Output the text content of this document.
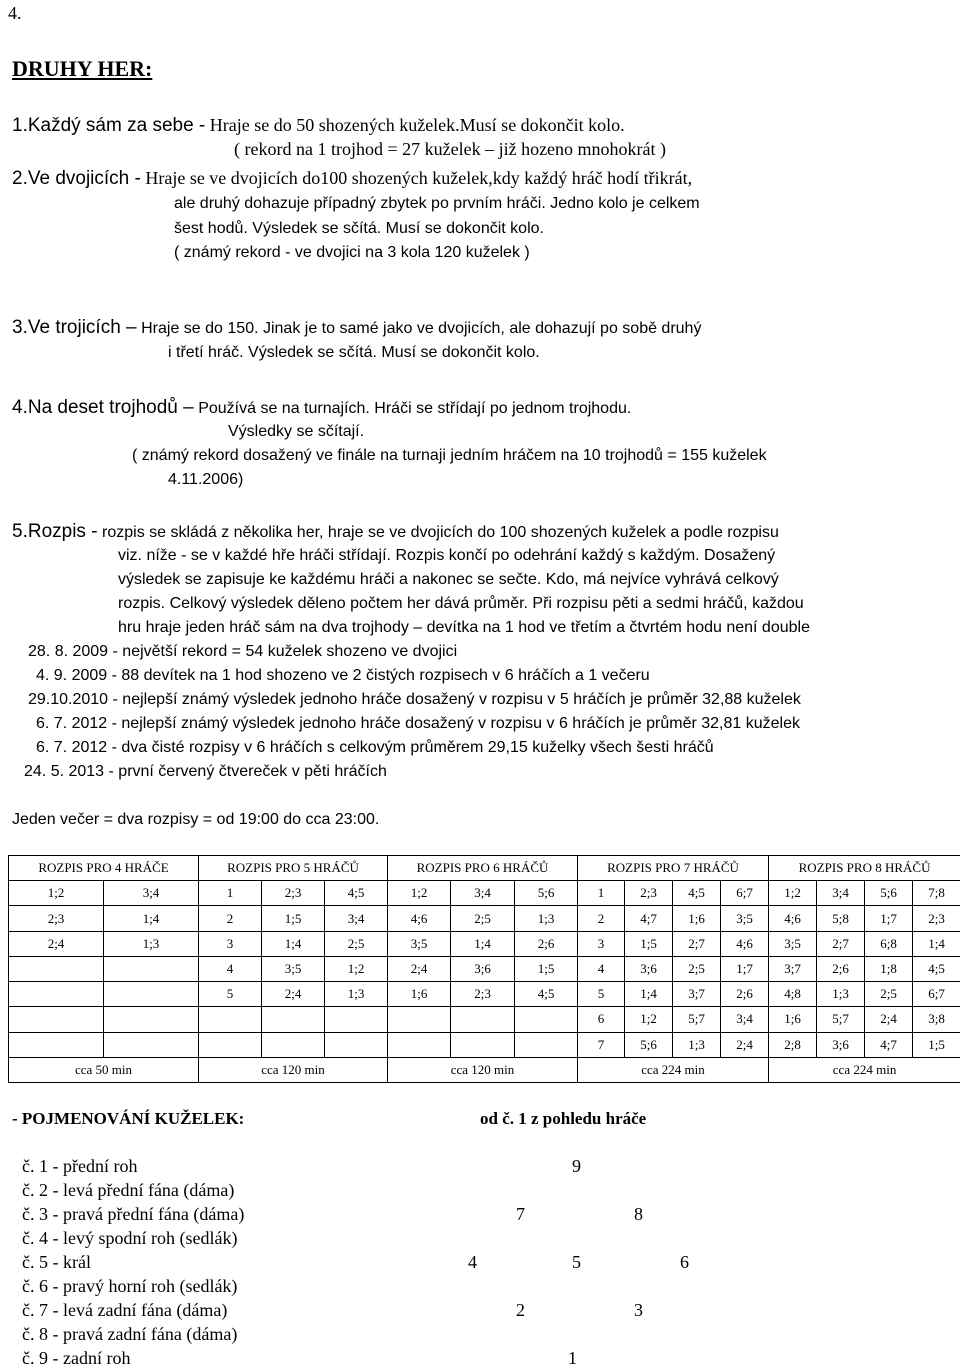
4.
DRUHY HER:
1.Každý sám za sebe - Hraje se do 50 shozených kuželek.Musí se dokončit kolo.
( rekord na 1 trojhod = 27 kuželek – již hozeno mnohokrát )
2.Ve dvojicích - Hraje se ve dvojicích do100 shozených kuželek,kdy každý hráč hodí třikrát,
ale druhý dohazuje případný zbytek po prvním hráči. Jedno kolo je celkem
šest hodů. Výsledek se sčítá. Musí se dokončit kolo.
( známý rekord - ve dvojici na 3 kola 120 kuželek )
3.Ve trojicích – Hraje se do 150. Jinak je to samé jako ve dvojicích, ale dohazují po sobě druhý
i třetí hráč. Výsledek se sčítá. Musí se dokončit kolo.
4.Na deset trojhodů – Používá se na turnajích. Hráči se střídají po jednom trojhodu.
Výsledky se sčítají.
( známý rekord dosažený ve finále na turnaji jedním hráčem na 10 trojhodů = 155 kuželek
4.11.2006)
5.Rozpis - rozpis se skládá z několika her, hraje se ve dvojicích do 100 shozených kuželek a podle rozpisu
viz. níže - se v každé hře hráči střídají. Rozpis končí po odehrání každý s každým. Dosažený
výsledek se zapisuje ke každému hráči a nakonec se sečte. Kdo, má nejvíce vyhrává celkový
rozpis. Celkový výsledek děleno počtem her dává průměr. Při rozpisu pěti a sedmi hráčů, každou
hru hraje jeden hráč sám na dva trojhody – devítka na 1 hod ve třetím a čtvrtém hodu není double
28. 8. 2009 - největší rekord = 54 kuželek shozeno ve dvojici
4. 9. 2009 - 88 devítek na 1 hod shozeno ve 2 čistých rozpisech v 6 hráčích a 1 večeru
29.10.2010 - nejlepší známý výsledek jednoho hráče dosažený v rozpisu v 5 hráčích je průměr 32,88 kuželek
6. 7. 2012 - nejlepší známý výsledek jednoho hráče dosažený v rozpisu v 6 hráčích je průměr 32,81 kuželek
6. 7. 2012 - dva čisté rozpisy v 6 hráčích s celkovým průměrem 29,15 kuželky všech šesti hráčů
24. 5. 2013 - první červený čtvereček v pěti hráčích
Jeden večer = dva rozpisy = od 19:00 do cca 23:00.
ROZPIS PRO 4 HRÁČE		ROZPIS PRO 5 HRÁČŮ			ROZPIS PRO 6 HRÁČŮ			ROZPIS PRO 7 HRÁČŮ				ROZPIS PRO 8 HRÁČŮ			
1;2	3;4	1	2;3	4;5	1;2	3;4	5;6	1	2;3	4;5	6;7	1;2	3;4	5;6	7;8
2;3	1;4	2	1;5	3;4	4;6	2;5	1;3	2	4;7	1;6	3;5	4;6	5;8	1;7	2;3
2;4	1;3	3	1;4	2;5	3;5	1;4	2;6	3	1;5	2;7	4;6	3;5	2;7	6;8	1;4
		4	3;5	1;2	2;4	3;6	1;5	4	3;6	2;5	1;7	3;7	2;6	1;8	4;5
		5	2;4	1;3	1;6	2;3	4;5	5	1;4	3;7	2;6	4;8	1;3	2;5	6;7
								6	1;2	5;7	3;4	1;6	5;7	2;4	3;8
								7	5;6	1;3	2;4	2;8	3;6	4;7	1;5
cca 50 min		cca 120 min			cca 120 min			cca 224 min				cca 224 min			
- POJMENOVÁNÍ KUŽELEK:	od č. 1 z pohledu hráče
č. 1 - přední roh
č. 2 - levá přední fána (dáma)
č. 3 - pravá přední fána (dáma)
č. 4 - levý spodní roh (sedlák)
č. 5 - král
č. 6 - pravý horní roh (sedlák)
č. 7 - levá zadní fána (dáma)
č. 8 - pravá zadní fána (dáma)
č. 9 - zadní roh
9
7	8
4	5	6
2	3
1
